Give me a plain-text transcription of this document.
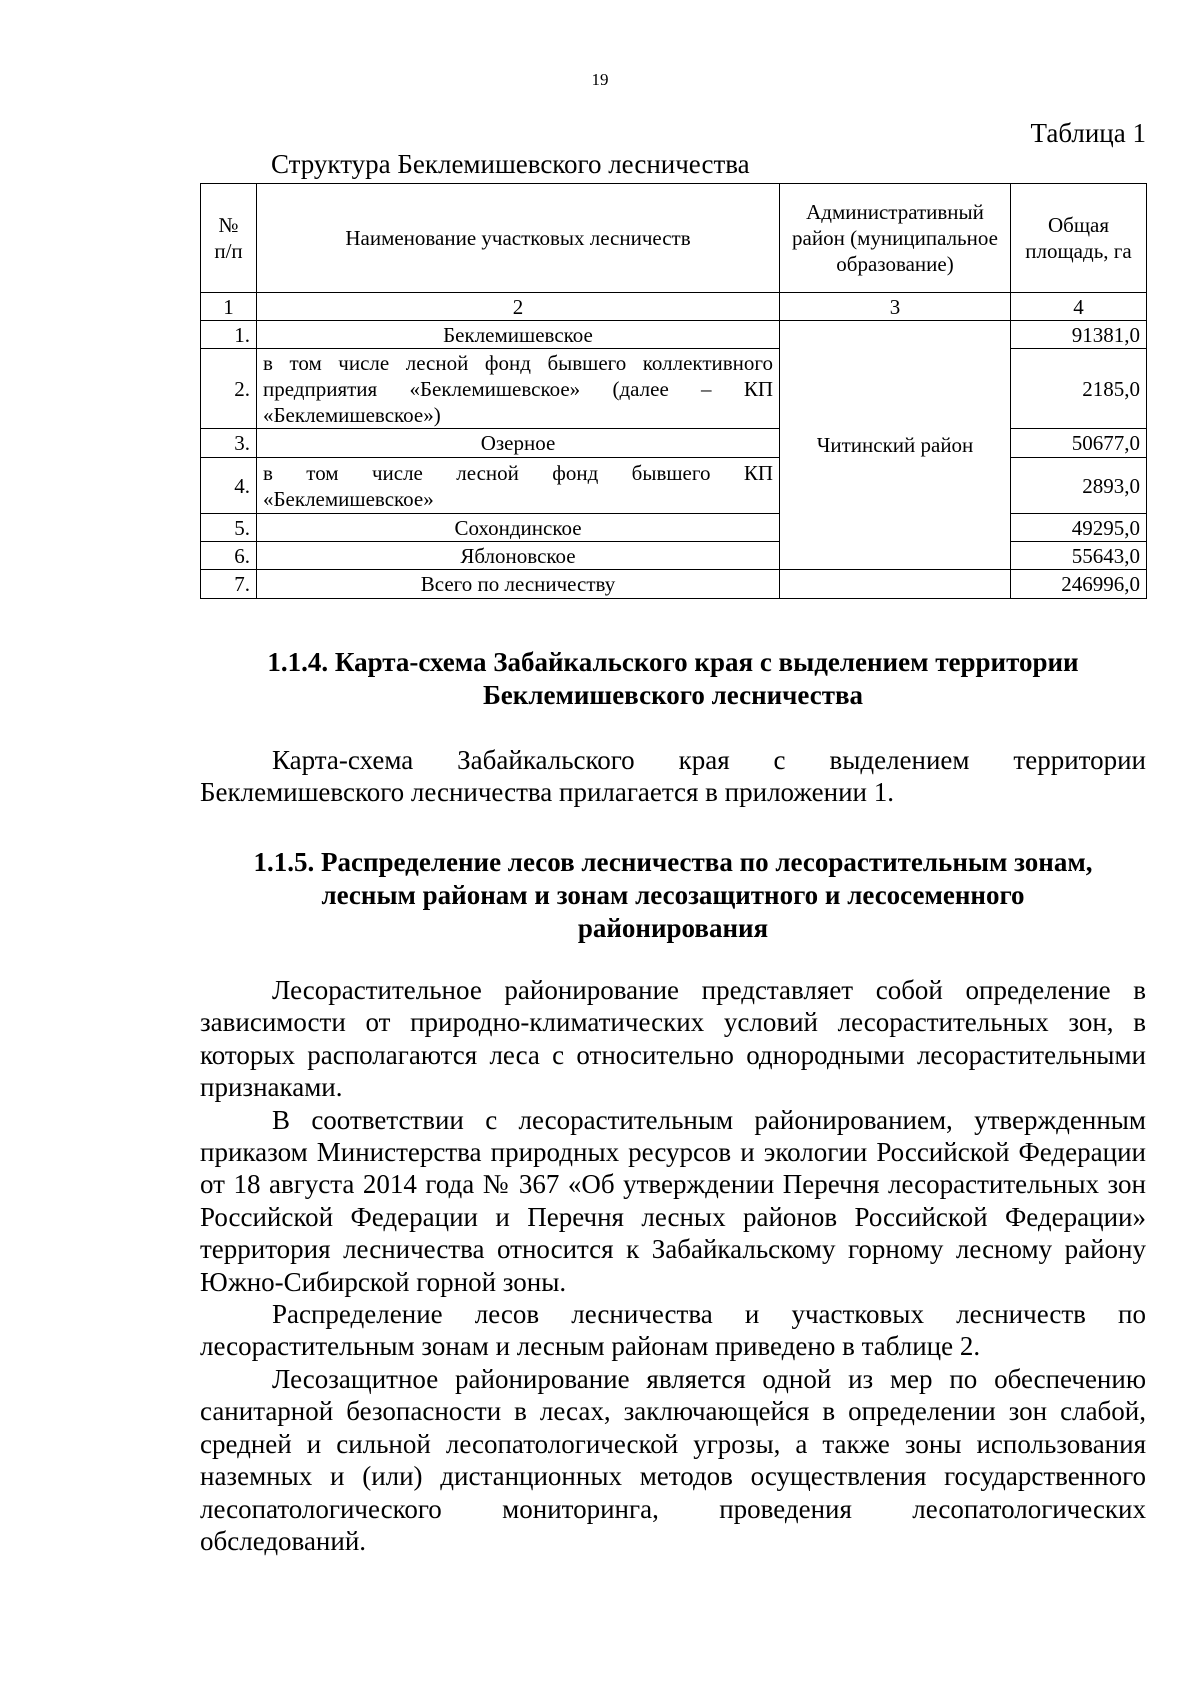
19
Таблица 1
Структура Беклемишевского лесничества
№ п/п	Наименование участковых лесничеств	Административный район (муниципальное образование)	Общая площадь, га
1	2	3	4
1.	Беклемишевское	Читинский район	91381,0
2.	в том числе лесной фонд бывшего коллективного предприятия «Беклемишевское» (далее – КП «Беклемишевское»)		2185,0
3.	Озерное		50677,0
4.	в том числе лесной фонд бывшего КП «Беклемишевское»		2893,0
5.	Сохондинское		49295,0
6.	Яблоновское		55643,0
7.	Всего по лесничеству		246996,0
1.1.4. Карта-схема Забайкальского края с выделением территории
Беклемишевского лесничества

Карта-схема Забайкальского края с выделением территории Беклемишевского лесничества прилагается в приложении 1.

1.1.5. Распределение лесов лесничества по лесорастительным зонам,
лесным районам и зонам лесозащитного и лесосеменного
районирования

Лесорастительное районирование представляет собой определение в зависимости от природно-климатических условий лесорастительных зон, в которых располагаются леса с относительно однородными лесорастительными признаками.

В соответствии с лесорастительным районированием, утвержденным приказом Министерства природных ресурсов и экологии Российской Федерации от 18 августа 2014 года № 367 «Об утверждении Перечня лесорастительных зон Российской Федерации и Перечня лесных районов Российской Федерации» территория лесничества относится к Забайкальскому горному лесному району Южно-Сибирской горной зоны.

Распределение лесов лесничества и участковых лесничеств по лесорастительным зонам и лесным районам приведено в таблице 2.

Лесозащитное районирование является одной из мер по обеспечению санитарной безопасности в лесах, заключающейся в определении зон слабой, средней и сильной лесопатологической угрозы, а также зоны использования наземных и (или) дистанционных методов осуществления государственного лесопатологического мониторинга, проведения лесопатологических обследований.
